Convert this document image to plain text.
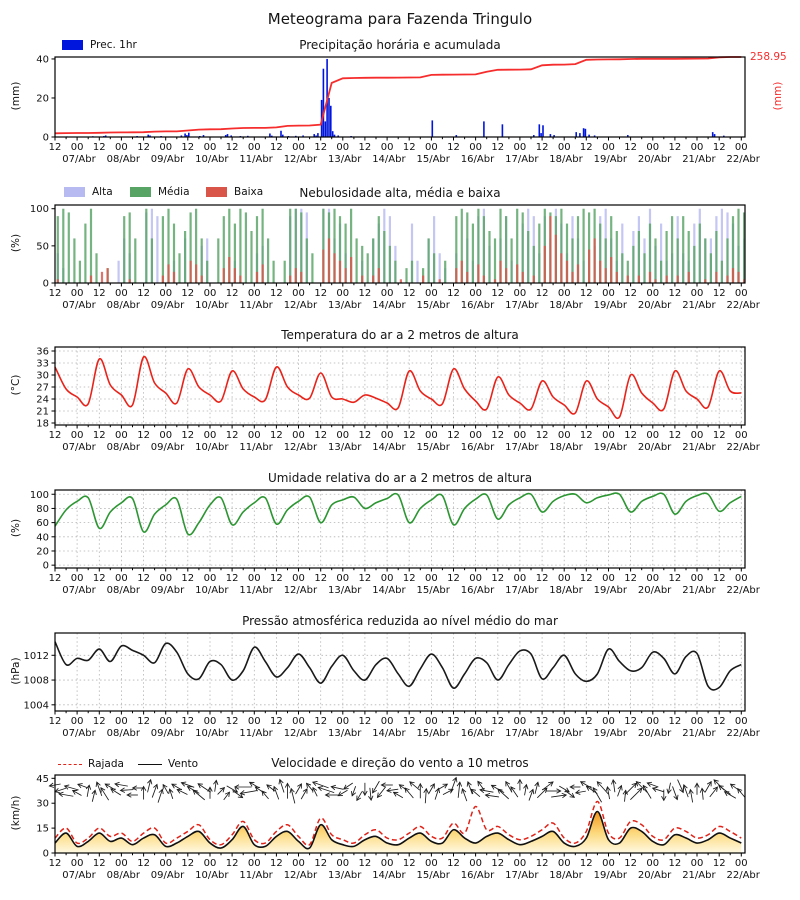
Meteograma para Fazenda Tringulo
12 00 12 00 12 00 12 00 12 00 12 00 12 00 12 00 12 00 12 00 12 00 12 00 12 00 12 00 12 00 12 00
07/Abr 08/Abr 09/Abr 10/Abr 11/Abr 12/Abr 13/Abr 14/Abr 15/Abr 16/Abr 17/Abr 18/Abr 19/Abr 20/Abr 21/Abr 22/Abr
0
20
40
12 00 12 00 12 00 12 00 12 00 12 00 12 00 12 00 12 00 12 00 12 00 12 00 12 00 12 00 12 00 12 00
07/Abr 08/Abr 09/Abr 10/Abr 11/Abr 12/Abr 13/Abr 14/Abr 15/Abr 16/Abr 17/Abr 18/Abr 19/Abr 20/Abr 21/Abr 22/Abr
0
50
100
12 00 12 00 12 00 12 00 12 00 12 00 12 00 12 00 12 00 12 00 12 00 12 00 12 00 12 00 12 00 12 00
07/Abr 08/Abr 09/Abr 10/Abr 11/Abr 12/Abr 13/Abr 14/Abr 15/Abr 16/Abr 17/Abr 18/Abr 19/Abr 20/Abr 21/Abr 22/Abr
18
21
24
27
30
33
36
12 00 12 00 12 00 12 00 12 00 12 00 12 00 12 00 12 00 12 00 12 00 12 00 12 00 12 00 12 00 12 00
07/Abr 08/Abr 09/Abr 10/Abr 11/Abr 12/Abr 13/Abr 14/Abr 15/Abr 16/Abr 17/Abr 18/Abr 19/Abr 20/Abr 21/Abr 22/Abr
0
20
40
60
80
100
12 00 12 00 12 00 12 00 12 00 12 00 12 00 12 00 12 00 12 00 12 00 12 00 12 00 12 00 12 00 12 00
07/Abr 08/Abr 09/Abr 10/Abr 11/Abr 12/Abr 13/Abr 14/Abr 15/Abr 16/Abr 17/Abr 18/Abr 19/Abr 20/Abr 21/Abr 22/Abr
1004
1008
1012
12 00 12 00 12 00 12 00 12 00 12 00 12 00 12 00 12 00 12 00 12 00 12 00 12 00 12 00 12 00 12 00
07/Abr 08/Abr 09/Abr 10/Abr 11/Abr 12/Abr 13/Abr 14/Abr 15/Abr 16/Abr 17/Abr 18/Abr 19/Abr 20/Abr 21/Abr 22/Abr
0
15
30
45
Precipitação horária e acumulada
Nebulosidade alta, média e baixa
Temperatura do ar a 2 metros de altura
Umidade relativa do ar a 2 metros de altura
Pressão atmosférica reduzida ao nível médio do mar
Velocidade e direção do vento a 10 metros
(mm)
(%)
(°C)
(%)
(hPa)
(km/h)
Prec. 1hr
258.95
(mm)
Alta	Média	Baixa
Rajada	Vento
